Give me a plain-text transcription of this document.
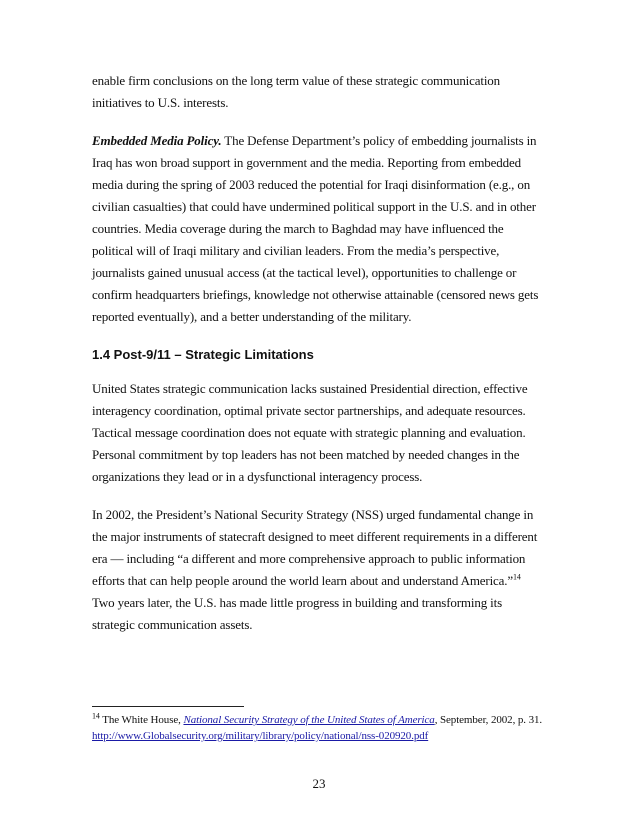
enable firm conclusions on the long term value of these strategic communication
initiatives to U.S. interests.
Embedded Media Policy. The Defense Department’s policy of embedding journalists in
Iraq has won broad support in government and the media. Reporting from embedded
media during the spring of 2003 reduced the potential for Iraqi disinformation (e.g., on
civilian casualties) that could have undermined political support in the U.S. and in other
countries. Media coverage during the march to Baghdad may have influenced the
political will of Iraqi military and civilian leaders. From the media’s perspective,
journalists gained unusual access (at the tactical level), opportunities to challenge or
confirm headquarters briefings, knowledge not otherwise attainable (censored news gets
reported eventually), and a better understanding of the military.
1.4 Post-9/11 – Strategic Limitations
United States strategic communication lacks sustained Presidential direction, effective
interagency coordination, optimal private sector partnerships, and adequate resources.
Tactical message coordination does not equate with strategic planning and evaluation.
Personal commitment by top leaders has not been matched by needed changes in the
organizations they lead or in a dysfunctional interagency process.
In 2002, the President’s National Security Strategy (NSS) urged fundamental change in
the major instruments of statecraft designed to meet different requirements in a different
era — including “a different and more comprehensive approach to public information
efforts that can help people around the world learn about and understand America.”$^{14}$
Two years later, the U.S. has made little progress in building and transforming its
strategic communication assets.
$^{14}$ The White House, National Security Strategy of the United States of America, September, 2002, p. 31.
http://www.Globalsecurity.org/military/library/policy/national/nss-020920.pdf
23
